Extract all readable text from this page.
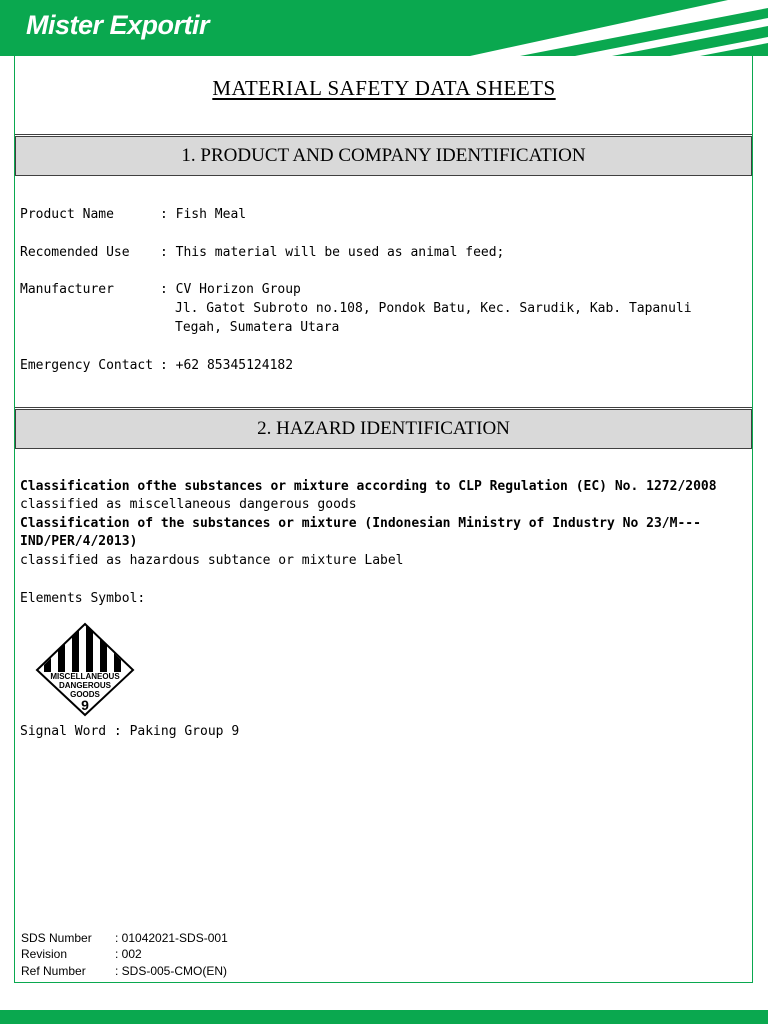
Mister Exportir
MATERIAL SAFETY DATA SHEETS
1. PRODUCT AND COMPANY IDENTIFICATION
Product Name	: Fish Meal
Recomended Use : This material will be used as animal feed;
Manufacturer	: CV Horizon Group
Jl. Gatot Subroto no.108, Pondok Batu, Kec. Sarudik, Kab. Tapanuli
Tegah, Sumatera Utara
Emergency Contact : +62 85345124182
2. HAZARD IDENTIFICATION
Classification ofthe substances or mixture according to CLP Regulation (EC) No. 1272/2008
classified as miscellaneous dangerous goods
Classification of the substances or mixture (Indonesian Ministry of Industry No 23/M---
IND/PER/4/2013)
classified as hazardous subtance or mixture Label
Elements Symbol:
MISCELLANEOUS
DANGEROUS
GOODS
9
Signal Word : Paking Group 9
SDS Number : 01042021-SDS-001
Revision	: 002
Ref Number : SDS-005-CMO(EN)
